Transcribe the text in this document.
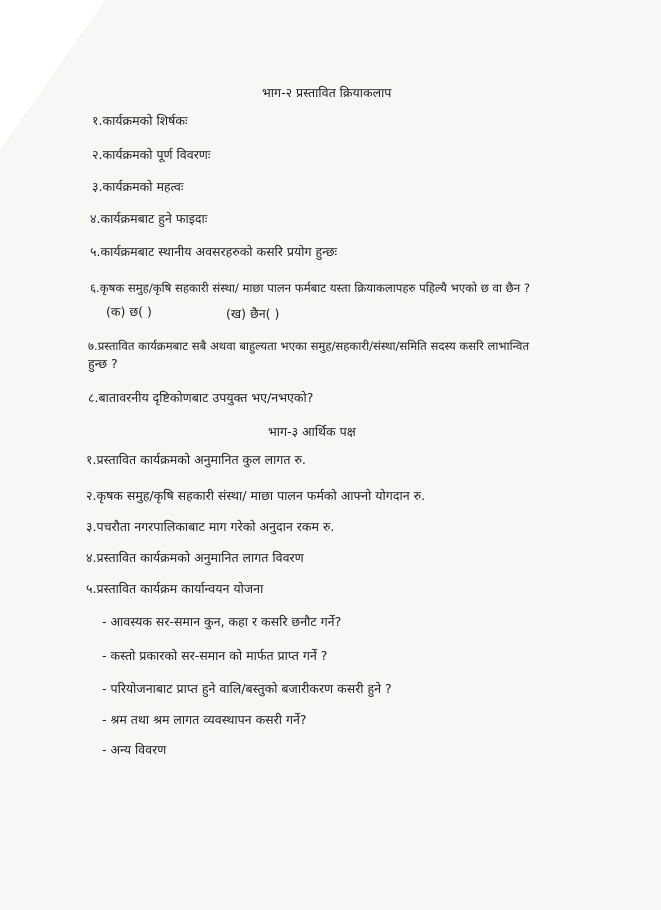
भाग-२ प्रस्तावित क्रियाकलाप
१.कार्यक्रमको शिर्षकः
२.कार्यक्रमको पूर्ण विवरणः
३.कार्यक्रमको महत्वः
४.कार्यक्रमबाट हुने फाइदाः
५.कार्यक्रमबाट स्थानीय अवसरहरुको कसरि प्रयोग हुन्छः
६.कृषक समुह/कृषि सहकारी संस्था/ माछा पालन फर्मबाट यस्ता क्रियाकलापहरु पहिल्यै भएको छ वा छैन ?
(क) छ( )	(ख) छैन( )
७.प्रस्तावित कार्यक्रमबाट सबै अथवा बाहुल्यता भएका समुह/सहकारी/संस्था/समिति सदस्य कसरि लाभान्वित
हुन्छ ?
८.बातावरनीय दृष्टिकोणबाट उपयुक्त भए/नभएको?
भाग-३ आर्थिक पक्ष
१.प्रस्तावित कार्यक्रमको अनुमानित कुल लागत रु.
२.कृषक समुह/कृषि सहकारी संस्था/ माछा पालन फर्मको आफ्नो योगदान रु.
३.पचरौता नगरपालिकाबाट माग गरेको अनुदान रकम रु.
४.प्रस्तावित कार्यक्रमको अनुमानित लागत विवरण
५.प्रस्तावित कार्यक्रम कार्यान्वयन योजना
- आवस्यक सर-समान कुन, कहा र कसरि छनौट गर्ने?
- कस्तो प्रकारको सर-समान को मार्फत प्राप्त गर्ने ?
- परियोजनाबाट प्राप्त हुने वालि/बस्तुको बजारीकरण कसरी हुने ?
- श्रम तथा श्रम लागत व्यवस्थापन कसरी गर्ने?
- अन्य विवरण
